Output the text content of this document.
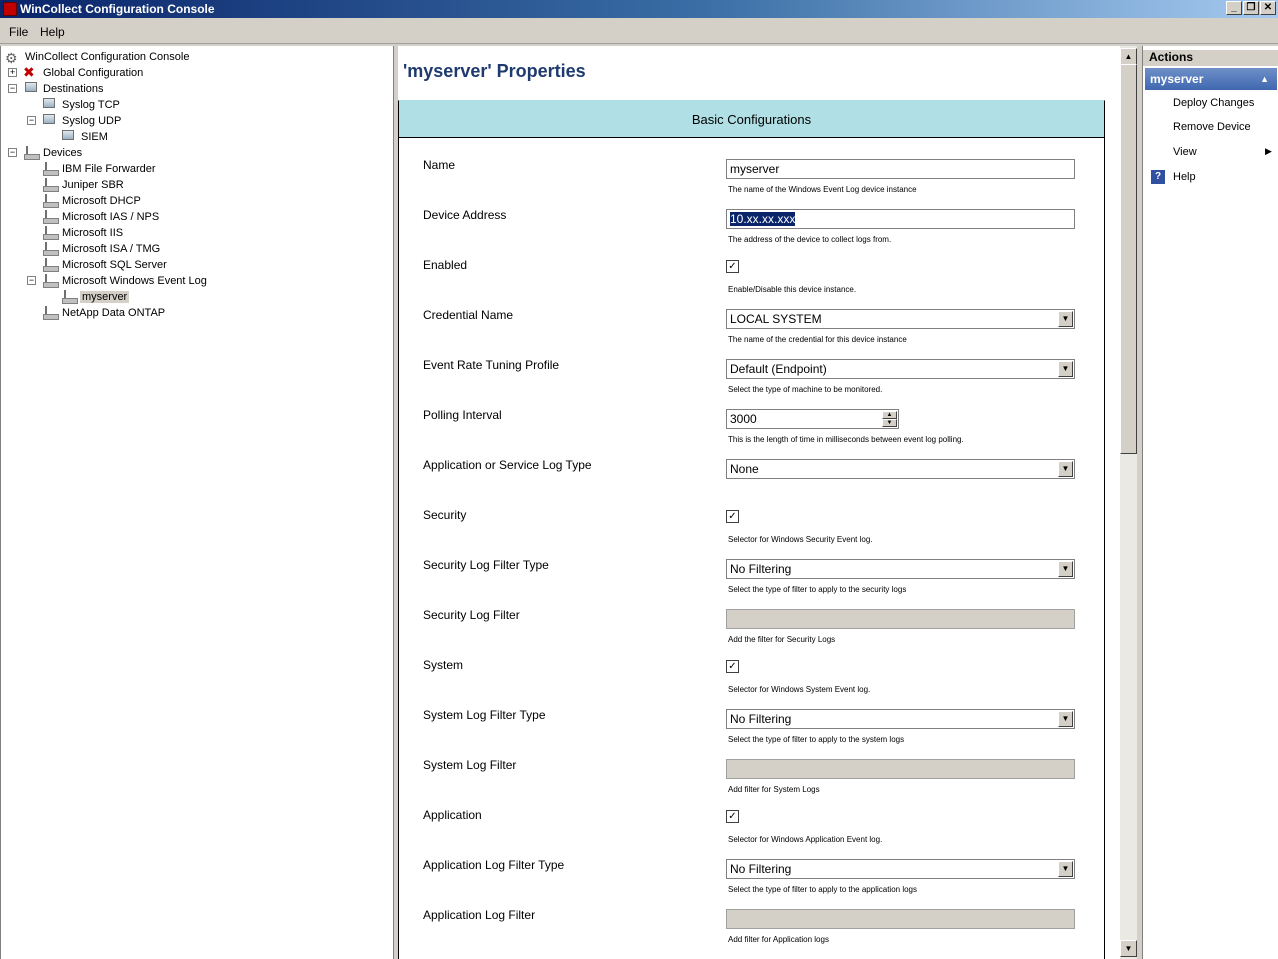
WinCollect Configuration Console	_ ❐ ✕
File Help
⚙ WinCollect Configuration Console
+ ✖ Global Configuration
−	Destinations
Syslog TCP
−	Syslog UDP
SIEM
−	Devices
IBM File Forwarder
Juniper SBR
Microsoft DHCP
Microsoft IAS / NPS
Microsoft IIS
Microsoft ISA / TMG
Microsoft SQL Server
−	Microsoft Windows Event Log
myserver
NetApp Data ONTAP
'myserver' Properties
Basic Configurations
Name	myserver
The name of the Windows Event Log device instance
Device Address	10.xx.xx.xxx
The address of the device to collect logs from.
Enabled	✓
Enable/Disable this device instance.
Credential Name	LOCAL SYSTEM	▼
The name of the credential for this device instance
Event Rate Tuning Profile	Default (Endpoint)	▼
Select the type of machine to be monitored.
Polling Interval	3000	▲
▼
This is the length of time in milliseconds between event log polling.
Application or Service Log Type	None	▼
Security	✓
Selector for Windows Security Event log.
Security Log Filter Type	No Filtering	▼
Select the type of filter to apply to the security logs
Security Log Filter
Add the filter for Security Logs
System	✓
Selector for Windows System Event log.
System Log Filter Type	No Filtering	▼
Select the type of filter to apply to the system logs
System Log Filter
Add filter for System Logs
Application	✓
Selector for Windows Application Event log.
Application Log Filter Type	No Filtering	▼
Select the type of filter to apply to the application logs
Application Log Filter
Add filter for Application logs
▲
▼
Actions
myserver	▲
Deploy Changes
Remove Device
View	▶
?	Help
